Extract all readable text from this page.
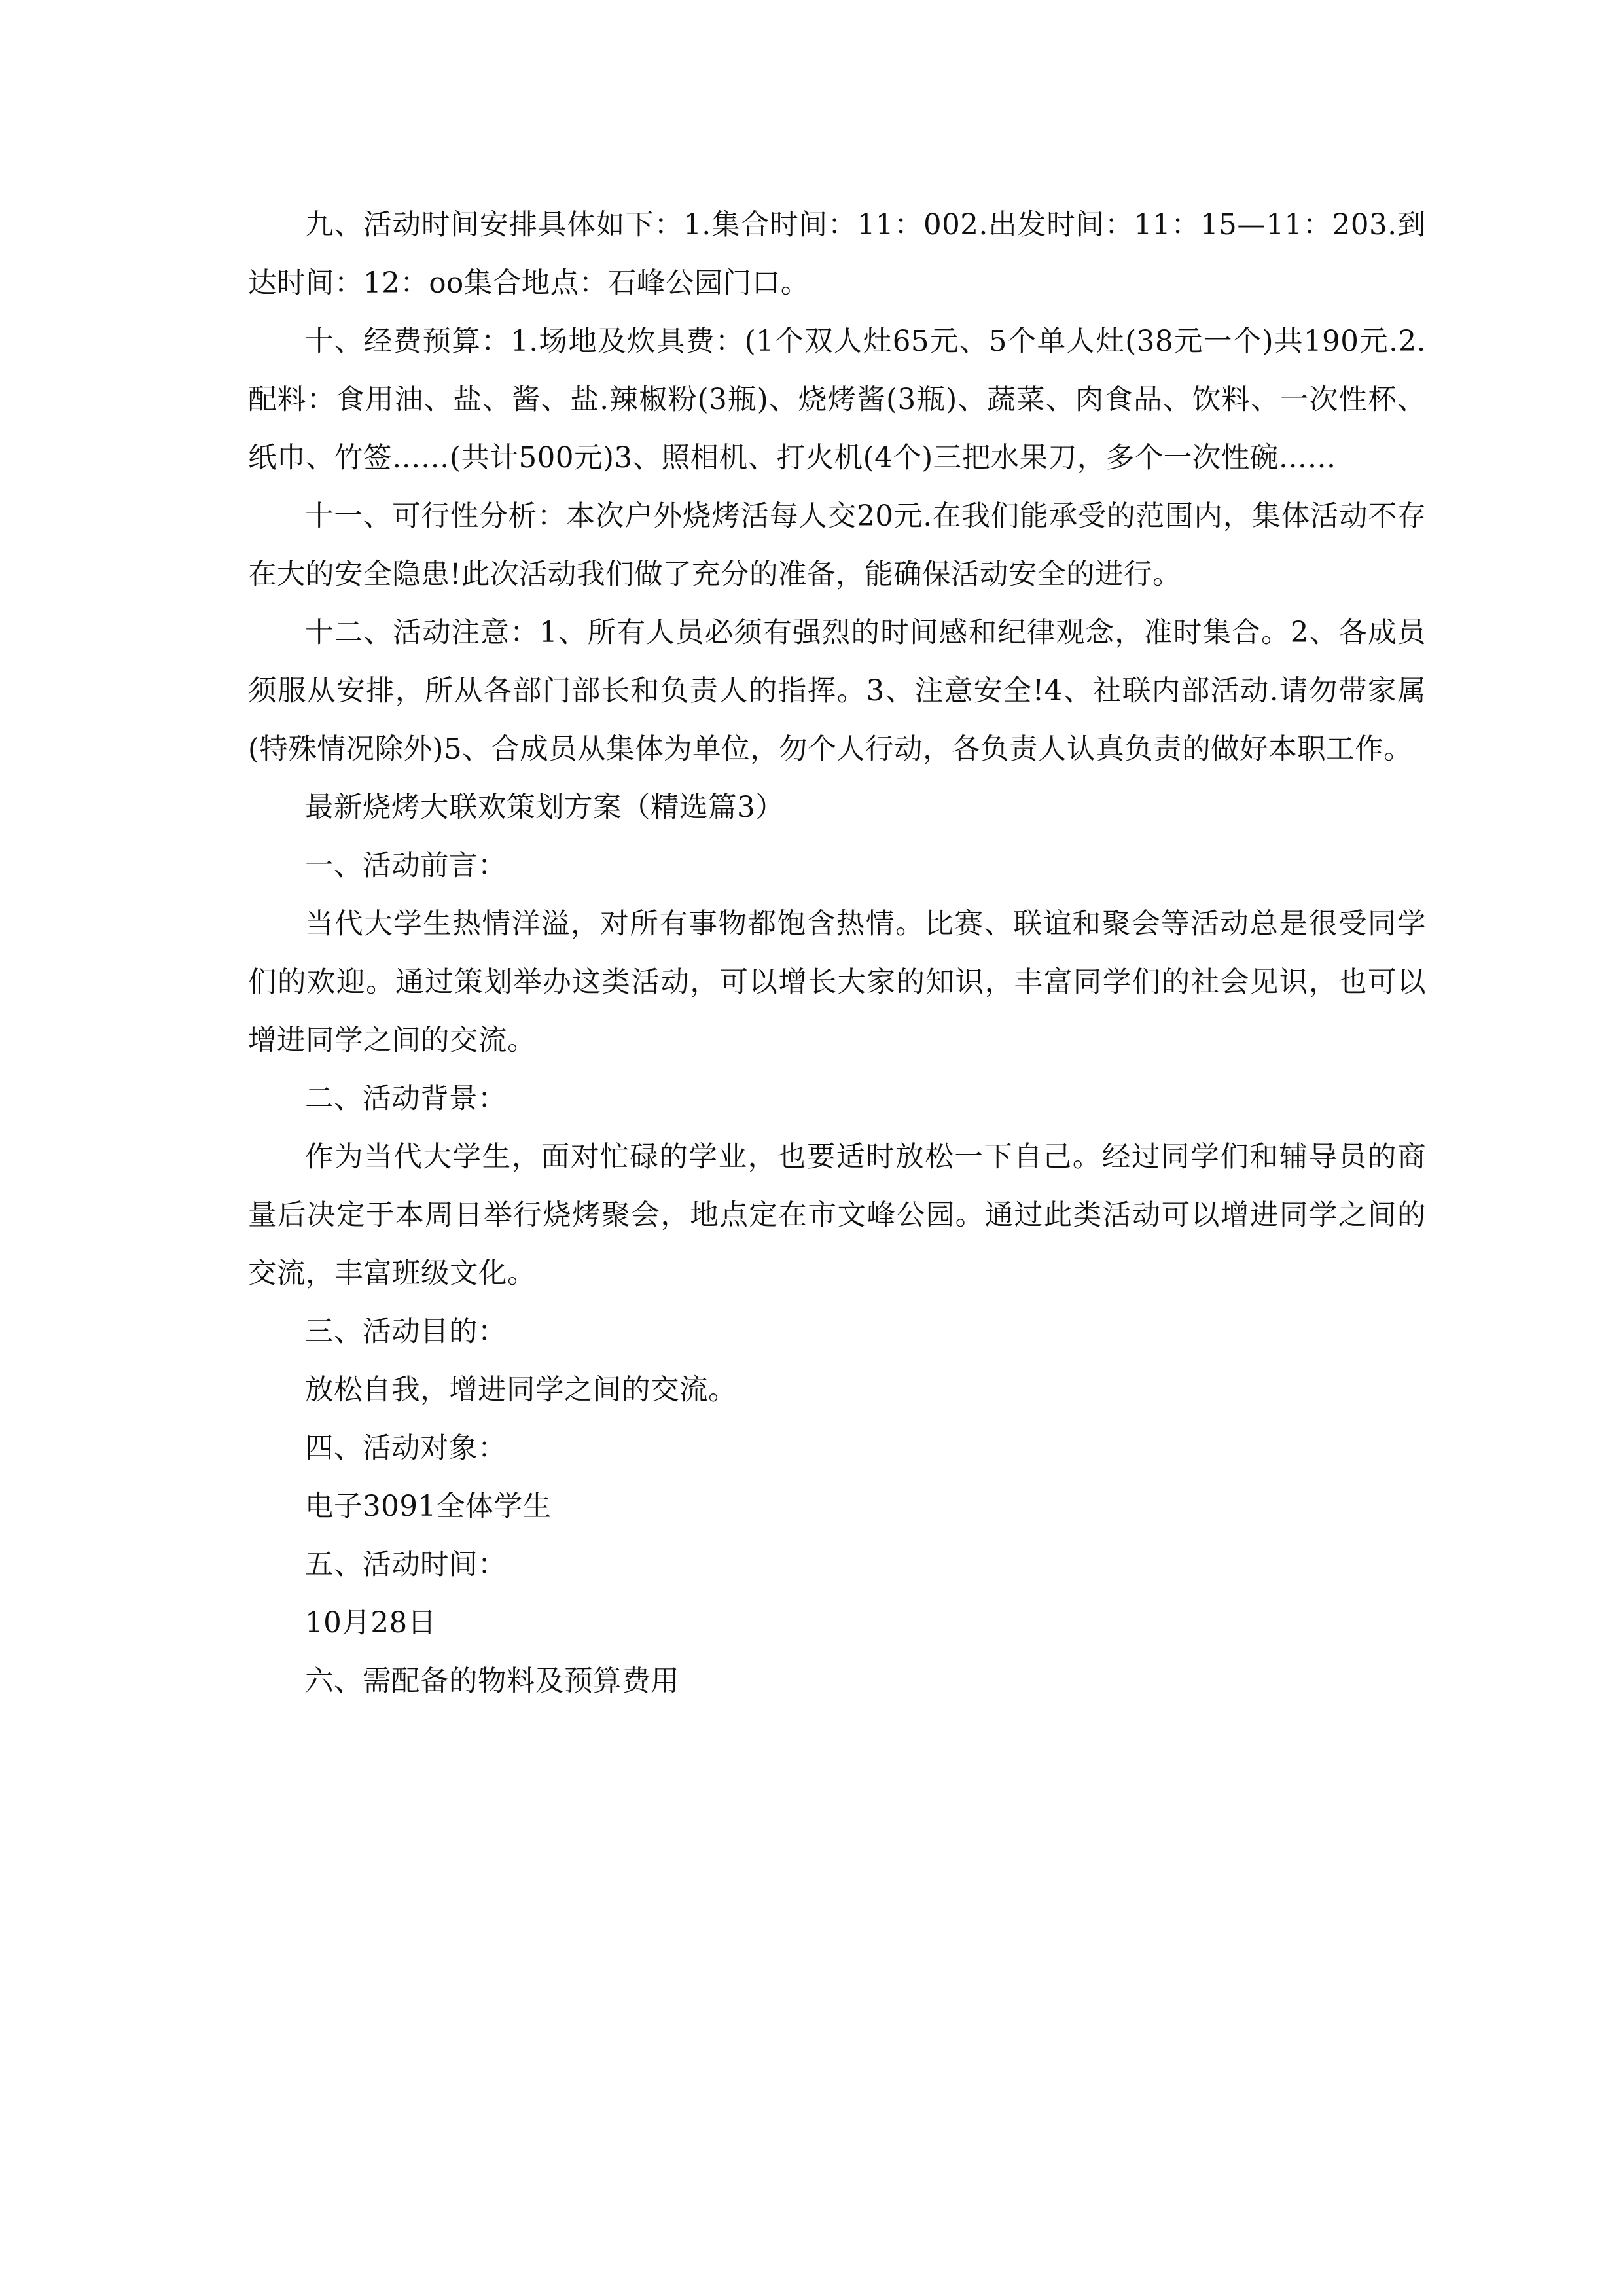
九、活动时间安排具体如下：1.集合时间：11：002.出发时间：11：15—11：203.到达时间：12：oo集合地点：石峰公园门口。

十、经费预算：1.场地及炊具费：(1个双人灶65元、5个单人灶(38元一个)共190元.2.配料：食用油、盐、酱、盐.辣椒粉(3瓶)、烧烤酱(3瓶)、蔬菜、肉食品、饮料、一次性杯、纸巾、竹签……(共计500元)3、照相机、打火机(4个)三把水果刀，多个一次性碗……

十一、可行性分析：本次户外烧烤活每人交20元.在我们能承受的范围内，集体活动不存在大的安全隐患!此次活动我们做了充分的准备，能确保活动安全的进行。

十二、活动注意：1、所有人员必须有强烈的时间感和纪律观念，准时集合。2、各成员须服从安排，所从各部门部长和负责人的指挥。3、注意安全!4、社联内部活动.请勿带家属(特殊情况除外)5、合成员从集体为单位，勿个人行动，各负责人认真负责的做好本职工作。

最新烧烤大联欢策划方案（精选篇3）

一、活动前言：

当代大学生热情洋溢，对所有事物都饱含热情。比赛、联谊和聚会等活动总是很受同学们的欢迎。通过策划举办这类活动，可以增长大家的知识，丰富同学们的社会见识，也可以增进同学之间的交流。

二、活动背景：

作为当代大学生，面对忙碌的学业，也要适时放松一下自己。经过同学们和辅导员的商量后决定于本周日举行烧烤聚会，地点定在市文峰公园。通过此类活动可以增进同学之间的交流，丰富班级文化。

三、活动目的：

放松自我，增进同学之间的交流。

四、活动对象：

电子3091全体学生

五、活动时间：

10月28日

六、需配备的物料及预算费用
